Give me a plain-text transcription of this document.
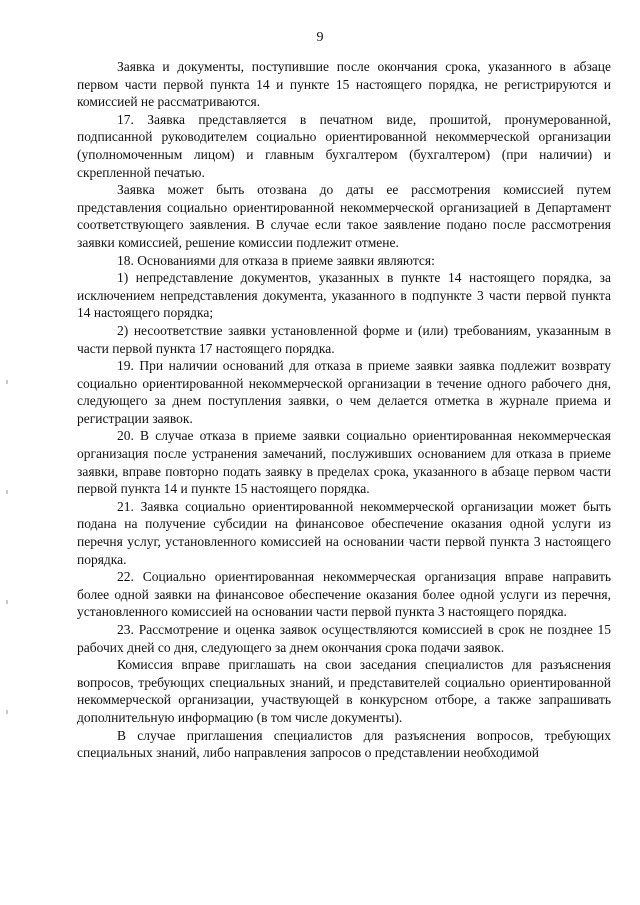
9

Заявка и документы, поступившие после окончания срока, указанного в абзаце первом части первой пункта 14 и пункте 15 настоящего порядка, не регистрируются и комиссией не рассматриваются.

17. Заявка представляется в печатном виде, прошитой, пронумерованной, подписанной руководителем социально ориентированной некоммерческой организации (уполномоченным лицом) и главным бухгалтером (бухгалтером) (при наличии) и скрепленной печатью.

Заявка может быть отозвана до даты ее рассмотрения комиссией путем представления социально ориентированной некоммерческой организацией в Департамент соответствующего заявления. В случае если такое заявление подано после рассмотрения заявки комиссией, решение комиссии подлежит отмене.

18. Основаниями для отказа в приеме заявки являются:

1) непредставление документов, указанных в пункте 14 настоящего порядка, за исключением непредставления документа, указанного в подпункте 3 части первой пункта 14 настоящего порядка;

2) несоответствие заявки установленной форме и (или) требованиям, указанным в части первой пункта 17 настоящего порядка.

19. При наличии оснований для отказа в приеме заявки заявка подлежит возврату социально ориентированной некоммерческой организации в течение одного рабочего дня, следующего за днем поступления заявки, о чем делается отметка в журнале приема и регистрации заявок.

20. В случае отказа в приеме заявки социально ориентированная некоммерческая организация после устранения замечаний, послуживших основанием для отказа в приеме заявки, вправе повторно подать заявку в пределах срока, указанного в абзаце первом части первой пункта 14 и пункте 15 настоящего порядка.

21. Заявка социально ориентированной некоммерческой организации может быть подана на получение субсидии на финансовое обеспечение оказания одной услуги из перечня услуг, установленного комиссией на основании части первой пункта 3 настоящего порядка.

22. Социально ориентированная некоммерческая организация вправе направить более одной заявки на финансовое обеспечение оказания более одной услуги из перечня, установленного комиссией на основании части первой пункта 3 настоящего порядка.

23. Рассмотрение и оценка заявок осуществляются комиссией в срок не позднее 15 рабочих дней со дня, следующего за днем окончания срока подачи заявок.

Комиссия вправе приглашать на свои заседания специалистов для разъяснения вопросов, требующих специальных знаний, и представителей социально ориентированной некоммерческой организации, участвующей в конкурсном отборе, а также запрашивать дополнительную информацию (в том числе документы).

В случае приглашения специалистов для разъяснения вопросов, требующих специальных знаний, либо направления запросов о представлении необходимой
